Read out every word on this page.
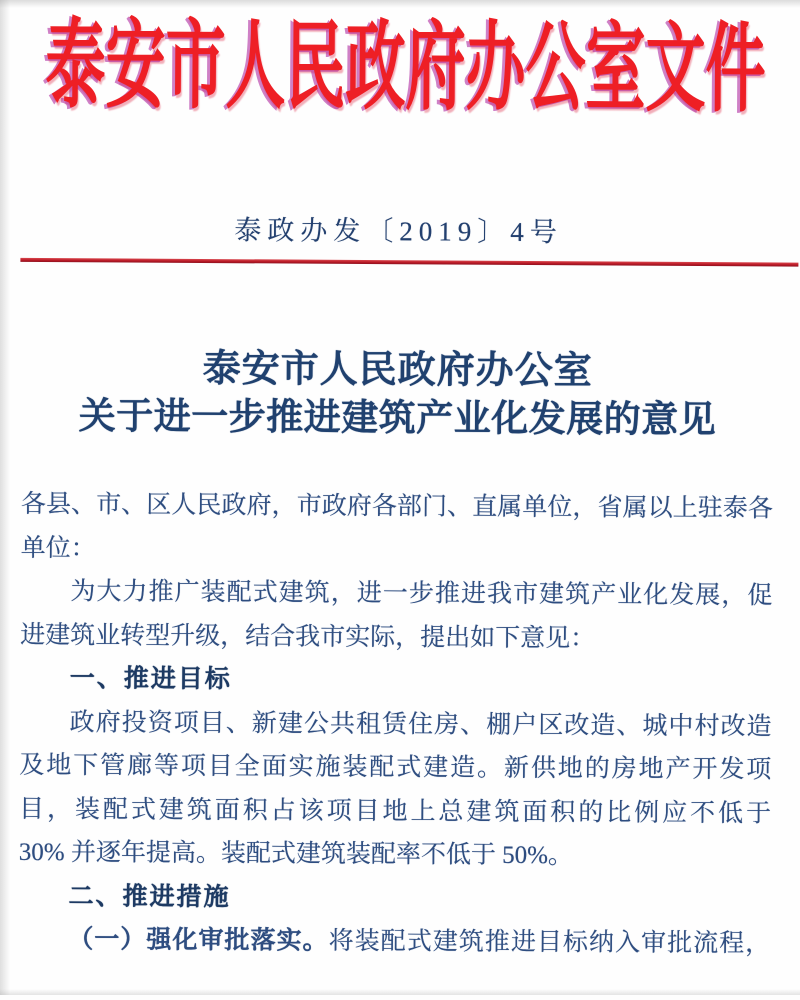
泰安市人民政府办公室文件
泰政办发〔2019〕4号
泰安市人民政府办公室
关于进一步推进建筑产业化发展的意见
各县、市、区人民政府，市政府各部门、直属单位，省属以上驻泰各
单位：
为大力推广装配式建筑，进一步推进我市建筑产业化发展，促
进建筑业转型升级，结合我市实际，提出如下意见：
一、推进目标
政府投资项目、新建公共租赁住房、棚户区改造、城中村改造
及地下管廊等项目全面实施装配式建造。新供地的房地产开发项
目，装配式建筑面积占该项目地上总建筑面积的比例应不低于
30% 并逐年提高。装配式建筑装配率不低于 50%。
二、推进措施
（一）强化审批落实。将装配式建筑推进目标纳入审批流程，
